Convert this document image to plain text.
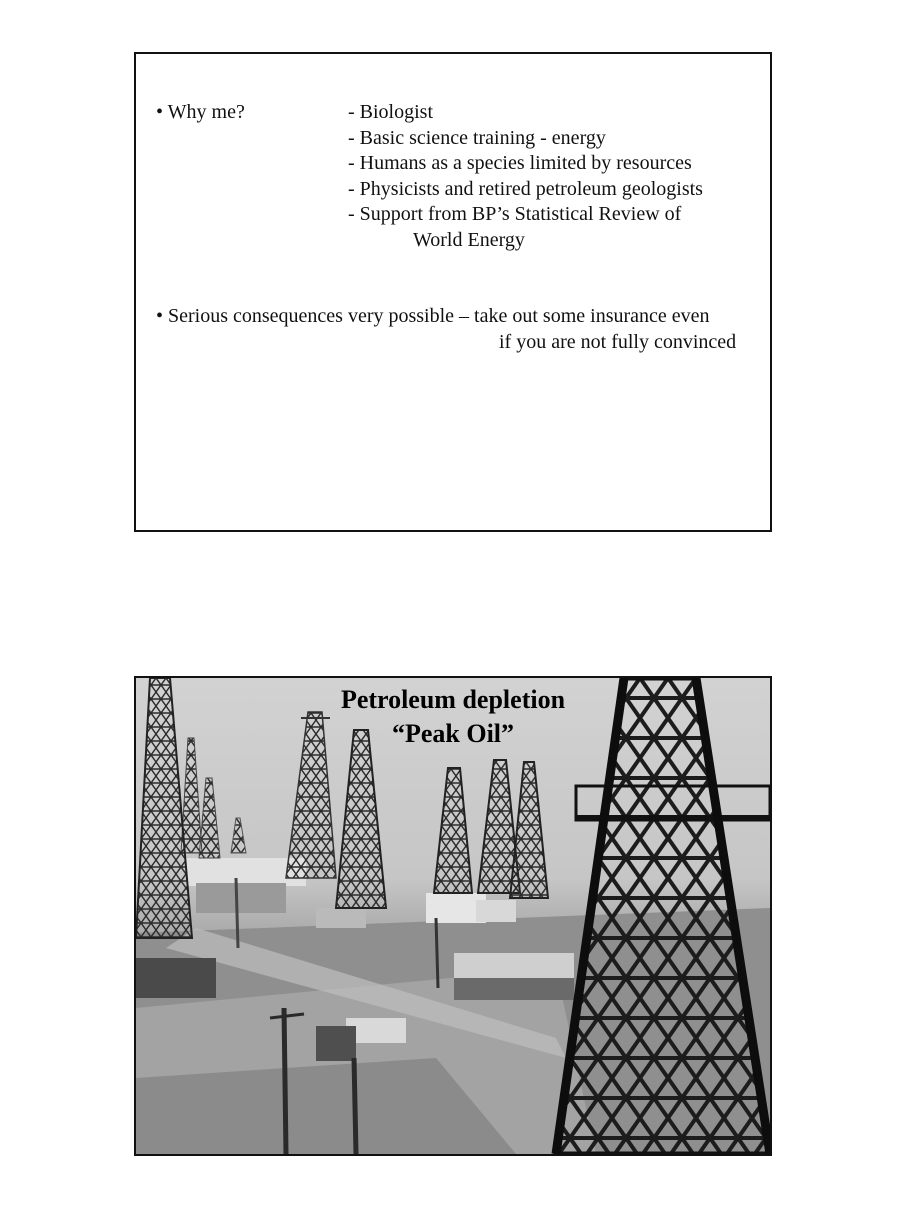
• Why me?	- Biologist
- Basic science training - energy
- Humans as a species limited by resources
- Physicists and retired petroleum geologists
- Support from BP’s Statistical Review of
World Energy
• Serious consequences very possible – take out some insurance even
if you are not fully convinced
Petroleum depletion
“Peak Oil”
